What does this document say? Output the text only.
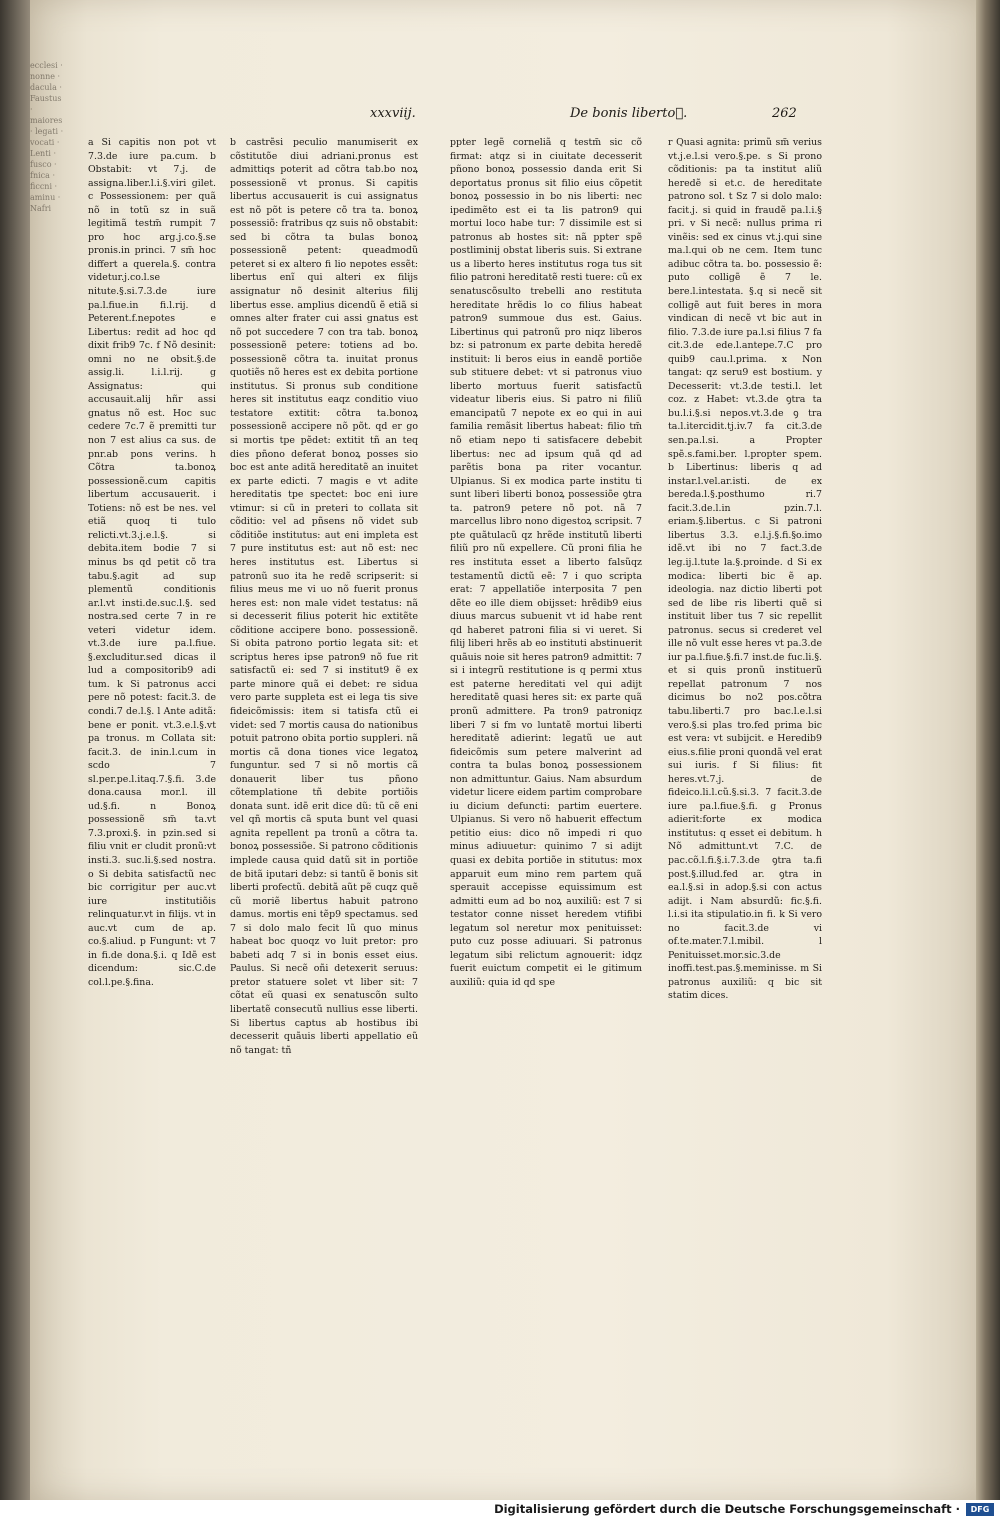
ecclesi · nonne · dacula · Faustus · maiores · legati · vocati · Lenti · fusco · fnica · ficcni · aminu · Nafri
xxxviij.	De bonis liberto᷑.	262

a Si capitis non pot vt 7.3.de iure pa.cum. b Obstabit: vt 7.j. de assigna.liber.l.i.§.viri gilet. c Possessionem: per quã nõ in totũ sz in suã legitimã testm̃ rumpit 7 pro hoc arg.j.co.§.se pronis.in princi. 7 sm̃ hoc differt a querela.§. contra videtur.j.co.l.se nitute.§.si.7.3.de iure pa.l.fiue.in fi.l.rij. d Peterent.f.nepotes e Libertus: redit ad hoc qd dixit frib9 7c. f Nõ desinit: omni no ne obsit.§.de assig.li. l.i.l.rij. g Assignatus: qui accusauit.alij hñr assi gnatus nõ est. Hoc suc cedere 7c.7 ẽ premitti tur non 7 est alius ca sus. de pnr.ab pons verins. h Cõtra ta.bonoꝝ possessionẽ.cum capitis libertum accusauerit. i Totiens: nõ est be nes. vel etiã quoq ti tulo relicti.vt.3.j.e.l.§. si debita.item bodie 7 si minus bs qd petit cõ tra tabu.§.agit ad sup plementũ conditionis ar.l.vt insti.de.suc.l.§. sed nostra.sed certe 7 in re veteri videtur idem. vt.3.de iure pa.l.fiue. §.excluditur.sed dicas il lud a compositorib9 adi tum. k Si patronus acci pere nõ potest: facit.3. de condi.7 de.l.§. l Ante aditã: bene er ponit. vt.3.e.l.§.vt pa tronus. m Collata sit: facit.3. de inin.l.cum in scdo 7 sl.per.pe.l.itaq.7.§.fi. 3.de dona.causa mor.l. ill ud.§.fi. n Bonoꝝ possessionẽ sm̃ ta.vt 7.3.proxi.§. in pzin.sed si filiu vnit er cludit pronũ:vt insti.3. suc.li.§.sed nostra. o Si debita satisfactũ nec bic corrigitur per auc.vt iure institutiõis relinquatur.vt in filijs. vt in auc.vt cum de ap. co.§.aliud. p Fungunt: vt 7 in fi.de dona.§.i. q Idẽ est dicendum: sic.C.de col.l.pe.§.fina.

b castrẽsi peculio manumiserit ex cõstitutõe diui adriani.pronus est admittiqs poterit ad cõtra tab.bo noꝝ possessionẽ vt pronus. Si capitis libertus accusauerit is cui assignatus est nõ põt is petere cõ tra ta. bonoꝝ possessiõ: fratribus qz suis nõ obstabit: sed bi cõtra ta bulas bonoꝝ possessionẽ petent: queadmodũ peteret si ex altero fi lio nepotes essẽt: libertus enĩ qui alteri ex filijs assignatur nõ desinit alterius filij libertus esse. amplius dicendũ ẽ etiã si omnes alter frater cui assi gnatus est nõ pot succedere 7 con tra tab. bonoꝝ possessionẽ petere: totiens ad bo. possessionẽ cõtra ta. inuitat pronus quotiẽs nõ heres est ex debita portione institutus. Si pronus sub conditione heres sit institutus eaqz conditio viuo testatore extitit: cõtra ta.bonoꝝ possessionẽ accipere nõ põt. qd er go si mortis tpe pẽdet: extitit tñ an teq dies pñono deferat bonoꝝ posses sio boc est ante aditã hereditatẽ an inuitet ex parte edicti. 7 magis e vt adite hereditatis tpe spectet: boc eni iure vtimur: si cũ in preteri to collata sit cõditio: vel ad pñsens nõ videt sub cõditiõe institutus: aut eni impleta est 7 pure institutus est: aut nõ est: nec heres institutus est. Libertus si patronũ suo ita he redẽ scripserit: si filius meus me vi uo nõ fuerit pronus heres est: non male videt testatus: nã si decesserit filius poterit hic extitẽte cõditione accipere bono. possessionẽ. Si obita patrono portio legata sit: et scriptus heres ipse patron9 nõ fue rit satisfactũ ei: sed 7 si institut9 ẽ ex parte minore quã ei debet: re sidua vero parte suppleta est ei lega tis sive fideicõmissis: item si tatisfa ctũ ei videt: sed 7 mortis causa do nationibus potuit patrono obita portio suppleri. nã mortis cã dona tiones vice legatoꝝ funguntur. sed 7 si nõ mortis cã donauerit liber tus pñono cõtemplatione tñ debite portiõis donata sunt. idẽ erit dice dũ: tũ cẽ eni vel qñ mortis cã sputa bunt vel quasi agnita repellent pa tronũ a cõtra ta. bonoꝝ possessiõe. Si patrono cõditionis implede causa quid datũ sit in portiõe de bitã iputari debz: si tantũ ẽ bonis sit liberti profectũ. debitã aũt pẽ cuqz quẽ cũ moriẽ libertus habuit patrono damus. mortis eni tẽp9 spectamus. sed 7 si dolo malo fecit lũ quo minus habeat boc quoqz vo luit pretor: pro babeti adq 7 si in bonis esset eius. Paulus. Si necẽ oñi detexerit seruus: pretor statuere solet vt liber sit: 7 cõtat eũ quasi ex senatuscõn sulto libertatẽ consecutũ nullius esse liberti. Si libertus captus ab hostibus ibi decesserit quãuis liberti appellatio eũ nõ tangat: tñ

ppter legẽ corneliã q testm̃ sic cõ firmat: atqz si in ciuitate decesserit pñono bonoꝝ possessio danda erit Si deportatus pronus sit filio eius cõpetit bonoꝝ possessio in bo nis liberti: nec ipedimẽto est ei ta lis patron9 qui mortui loco habe tur: 7 dissimile est si patronus ab hostes sit: nã ppter spẽ postliminij obstat liberis suis. Si extrane us a liberto heres institutus roga tus sit filio patroni hereditatẽ resti tuere: cũ ex senatuscõsulto trebelli ano restituta hereditate hrẽdis lo co filius habeat patron9 summoue dus est. Gaius. Libertinus qui patronũ pro niqz liberos bz: si patronum ex parte debita heredẽ instituit: li beros eius in eandẽ portiõe sub stituere debet: vt si patronus viuo liberto mortuus fuerit satisfactũ videatur liberis eius. Si patro ni filiũ emancipatũ 7 nepote ex eo qui in aui familia remãsit libertus habeat: filio tm̃ nõ etiam nepo ti satisfacere debebit libertus: nec ad ipsum quã qd ad parẽtis bona pa riter vocantur. Ulpianus. Si ex modica parte institu ti sunt liberi liberti bonoꝝ possessiõe ꝯtra ta. patron9 petere nõ pot. nã 7 marcellus libro nono digestoꝝ scripsit. 7 pte quãtulacũ qz hrẽde institutũ liberti filiũ pro nũ expellere. Cũ proni filia he res instituta esset a liberto falsũqz testamentũ dictũ eẽ: 7 i quo scripta erat: 7 appellatiõe interposita 7 pen dẽte eo ille diem obijsset: hrẽdib9 eius diuus marcus subuenit vt id habe rent qd haberet patroni filia si vi ueret. Si filij liberi hrẽs ab eo instituti abstinuerit quãuis noie sit heres patron9 admittit: 7 si i integrũ restitutione is q permi xtus est paterne hereditati vel qui adijt hereditatẽ quasi heres sit: ex parte quã pronũ admittere. Pa tron9 patroniqz liberi 7 si fm vo luntatẽ mortui liberti hereditatẽ adierint: legatũ ue aut fideicõmis sum petere malverint ad contra ta bulas bonoꝝ possessionem non admittuntur. Gaius. Nam absurdum videtur licere eidem partim comprobare iu dicium defuncti: partim euertere. Ulpianus. Si vero nõ habuerit effectum petitio eius: dico nõ impedi ri quo minus adiuuetur: quinimo 7 si adijt quasi ex debita portiõe in stitutus: mox apparuit eum mino rem partem quã sperauit accepisse equissimum est admitti eum ad bo noꝝ auxiliũ: est 7 si testator conne nisset heredem vtifibi legatum sol neretur mox penituisset: puto cuz posse adiuuari. Si patronus legatum sibi relictum agnouerit: idqz fuerit euictum competit ei le gitimum auxiliũ: quia id qd spe

r Quasi agnita: primũ sm̃ verius vt.j.e.l.si vero.§.pe. s Si prono cõditionis: pa ta institut aliũ heredẽ si et.c. de hereditate patrono sol. t Sz 7 si dolo malo: facit.j. si quid in fraudẽ pa.l.i.§ pri. v Si necẽ: nullus prima ri vinẽis: sed ex cinus vt.j.qui sine ma.l.qui ob ne cem. Item tunc adibuc cõtra ta. bo. possessio ẽ: puto colligẽ ẽ 7 le. bere.l.intestata. §.q si necẽ sit colligẽ aut fuit beres in mora vindican di necẽ vt bic aut in filio. 7.3.de iure pa.l.si filius 7 fa cit.3.de ede.l.antepe.7.C pro quib9 cau.l.prima. x Non tangat: qz seru9 est bostium. y Decesserit: vt.3.de testi.l. let coz. z Habet: vt.3.de ꝯtra ta bu.l.i.§.si nepos.vt.3.de ꝯ tra ta.l.itercidit.tj.iv.7 fa cit.3.de sen.pa.l.si. a Propter spẽ.s.fami.ber. l.propter spem. b Libertinus: liberis q ad instar.l.vel.ar.isti. de ex bereda.l.§.posthumo ri.7 facit.3.de.l.in pzin.7.l. eriam.§.libertus. c Si patroni libertus 3.3. e.l.j.§.fi.§o.imo idẽ.vt ibi no 7 fact.3.de leg.ij.l.tute la.§.proinde. d Si ex modica: liberti bic ẽ ap. ideologia. naz dictio liberti pot sed de libe ris liberti quẽ si instituit liber tus 7 sic repellit patronus. secus si crederet vel ille nõ vult esse heres vt pa.3.de iur pa.l.fiue.§.fi.7 inst.de fuc.li.§. et si quis pronũ instituerũ repellat patronum 7 nos dicimus bo no2 pos.cõtra tabu.liberti.7 pro bac.l.e.l.si vero.§.si plas tro.fed prima bic est vera: vt subijcit. e Heredib9 eius.s.filie proni quondã vel erat sui iuris. f Si filius: fit heres.vt.7.j. de fideico.li.l.cũ.§.si.3. 7 facit.3.de iure pa.l.fiue.§.fi. g Pronus adierit:forte ex modica institutus: q esset ei debitum. h Nõ admittunt.vt 7.C. de pac.cõ.l.fi.§.i.7.3.de ꝯtra ta.fi post.§.illud.fed ar. ꝯtra in ea.l.§.si in adop.§.si con actus adijt. i Nam absurdũ: fic.§.fi. l.i.si ita stipulatio.in fi. k Si vero no facit.3.de vi of.te.mater.7.l.mibil. l Penituisset.mor.sic.3.de inoffi.test.pas.§.meminisse. m Si patronus auxiliũ: q bic sit statim dices.

Digitalisierung gefördert durch die Deutsche Forschungsgemeinschaft ·	DFG
